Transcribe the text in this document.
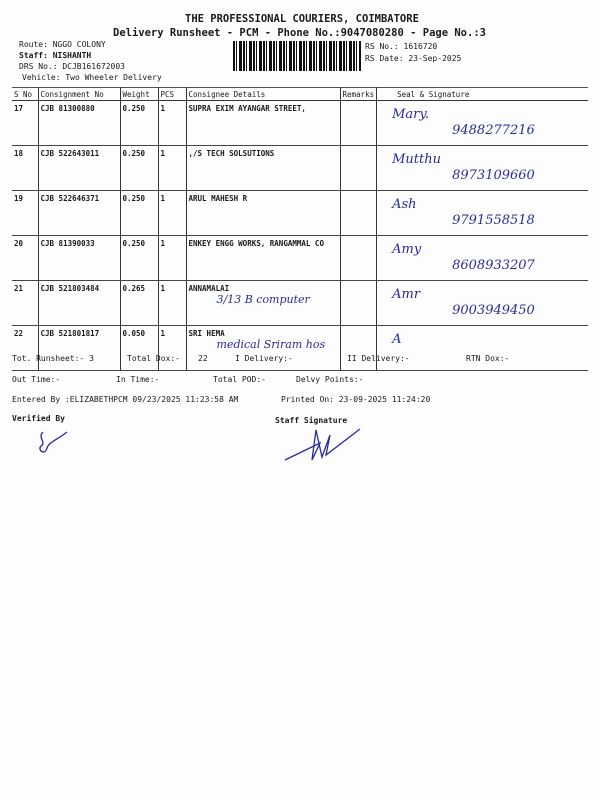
THE PROFESSIONAL COURIERS, COIMBATORE
Delivery Runsheet - PCM - Phone No.:9047080280 - Page No.:3
Route: NGGO COLONY
Staff: NISHANTH
DRS No.: DCJB161672003
Vehicle: Two Wheeler Delivery
RS No.: 1616720
RS Date: 23-Sep-2025
S No	Consignment No	Weight	PCS	Consignee Details	Remarks	Seal & Signature
17	CJB 81300880	0.250	1	SUPRA EXIM AYANGAR STREET,		Mary.
9488277216

18	CJB 522643011	0.250	1	,/S TECH SOLSUTIONS		Mutthu
8973109660

19	CJB 522646371	0.250	1	ARUL MAHESH R		Ash
9791558518

20	CJB 81390033	0.250	1	ENKEY ENGG WORKS, RANGAMMAL CO		Amy
8608933207

21	CJB 521803484	0.265	1	ANNAMALAI
3/13 B computer		Amr
9003949450

22	CJB 521801817	0.050	1	SRI HEMA
medical Sriram hos		A
Tot. Runsheet:- 3	Total Dox:- 22	I Delivery:-	II Delivery:-	RTN Dox:-
Out Time:-	In Time:-	Total POD:-	Delvy Points:-
Entered By :ELIZABETHPCM 09/23/2025 11:23:58 AM	Printed On: 23-09-2025 11:24:20
Verified By	Staff Signature
